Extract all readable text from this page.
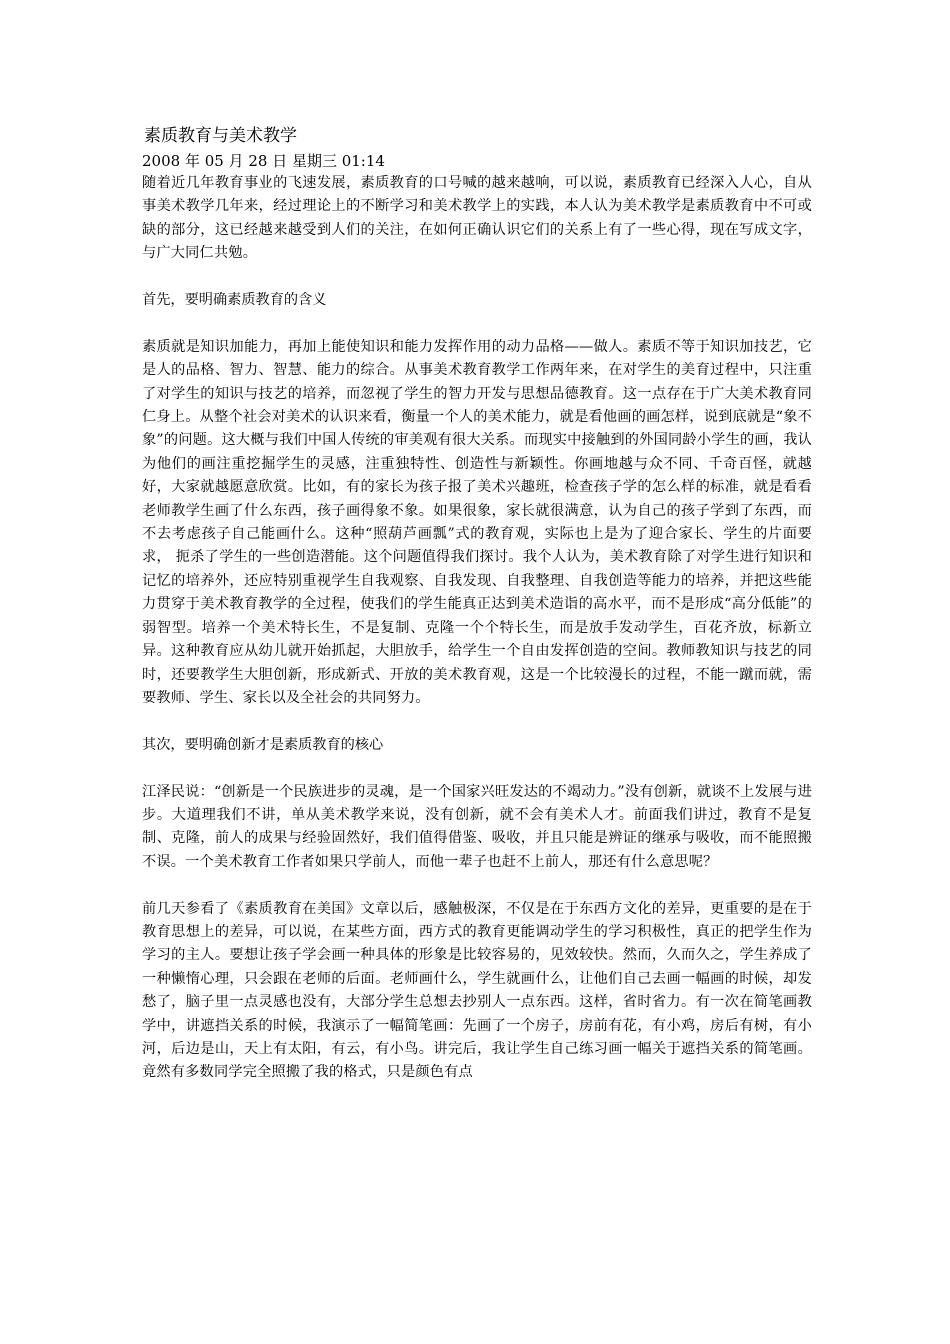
素质教育与美术教学
2008 年 05 月 28 日 星期三 01:14

随着近几年教育事业的飞速发展，素质教育的口号喊的越来越响，可以说，素质教育已经深入人心，自从事美术教学几年来，经过理论上的不断学习和美术教学上的实践，本人认为美术教学是素质教育中不可或缺的部分，这已经越来越受到人们的关注，在如何正确认识它们的关系上有了一些心得，现在写成文字，与广大同仁共勉。

首先，要明确素质教育的含义

素质就是知识加能力，再加上能使知识和能力发挥作用的动力品格——做人。素质不等于知识加技艺，它是人的品格、智力、智慧、能力的综合。从事美术教育教学工作两年来，在对学生的美育过程中，只注重了对学生的知识与技艺的培养，而忽视了学生的智力开发与思想品德教育。这一点存在于广大美术教育同仁身上。从整个社会对美术的认识来看，衡量一个人的美术能力，就是看他画的画怎样，说到底就是“象不象”的问题。这大概与我们中国人传统的审美观有很大关系。而现实中接触到的外国同龄小学生的画，我认为他们的画注重挖掘学生的灵感，注重独特性、创造性与新颖性。你画地越与众不同、千奇百怪，就越好，大家就越愿意欣赏。比如，有的家长为孩子报了美术兴趣班，检查孩子学的怎么样的标准，就是看看老师教学生画了什么东西，孩子画得象不象。如果很象，家长就很满意，认为自己的孩子学到了东西，而不去考虑孩子自己能画什么。这种“照葫芦画瓢”式的教育观，实际也上是为了迎合家长、学生的片面要求， 扼杀了学生的一些创造潜能。这个问题值得我们探讨。我个人认为，美术教育除了对学生进行知识和记忆的培养外，还应特别重视学生自我观察、自我发现、自我整理、自我创造等能力的培养，并把这些能力贯穿于美术教育教学的全过程，使我们的学生能真正达到美术造诣的高水平，而不是形成“高分低能”的弱智型。培养一个美术特长生，不是复制、克隆一个个特长生，而是放手发动学生，百花齐放，标新立异。这种教育应从幼儿就开始抓起，大胆放手，给学生一个自由发挥创造的空间。教师教知识与技艺的同时，还要教学生大胆创新，形成新式、开放的美术教育观，这是一个比较漫长的过程，不能一蹴而就，需要教师、学生、家长以及全社会的共同努力。

其次，要明确创新才是素质教育的核心

江泽民说：“创新是一个民族进步的灵魂，是一个国家兴旺发达的不竭动力。”没有创新，就谈不上发展与进步。大道理我们不讲，单从美术教学来说，没有创新，就不会有美术人才。前面我们讲过，教育不是复制、克隆，前人的成果与经验固然好，我们值得借鉴、吸收，并且只能是辨证的继承与吸收，而不能照搬不误。一个美术教育工作者如果只学前人，而他一辈子也赶不上前人，那还有什么意思呢？

前几天参看了《素质教育在美国》文章以后，感触极深，不仅是在于东西方文化的差异，更重要的是在于教育思想上的差异，可以说，在某些方面，西方式的教育更能调动学生的学习积极性，真正的把学生作为学习的主人。要想让孩子学会画一种具体的形象是比较容易的，见效较快。然而，久而久之，学生养成了一种懒惰心理，只会跟在老师的后面。老师画什么，学生就画什么，让他们自己去画一幅画的时候，却发愁了，脑子里一点灵感也没有，大部分学生总想去抄别人一点东西。这样，省时省力。有一次在简笔画教学中，讲遮挡关系的时候，我演示了一幅简笔画：先画了一个房子，房前有花，有小鸡，房后有树，有小河，后边是山，天上有太阳，有云，有小鸟。讲完后，我让学生自己练习画一幅关于遮挡关系的简笔画。竟然有多数同学完全照搬了我的格式，只是颜色有点
